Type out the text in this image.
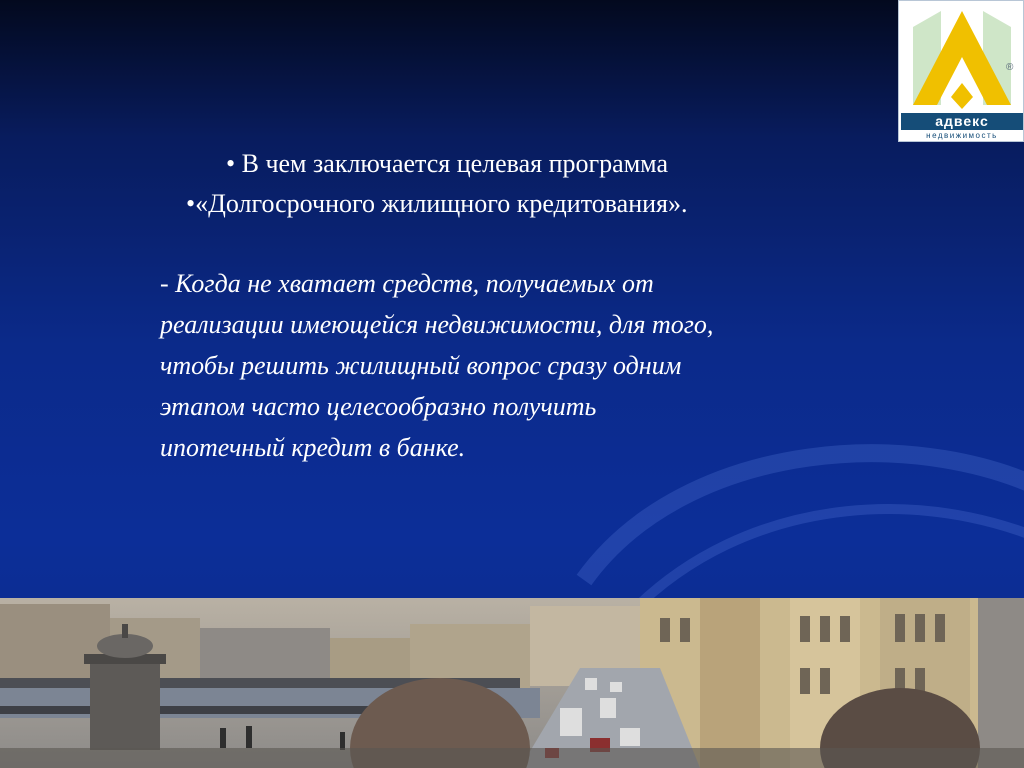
адвекс
недвижимость
®
• В чем заключается целевая программа
•«Долгосрочного жилищного кредитования».
- Когда не хватает средств, получаемых от
реализации имеющейся недвижимости, для того,
чтобы решить жилищный вопрос сразу одним
этапом часто целесообразно получить
ипотечный кредит в банке.
